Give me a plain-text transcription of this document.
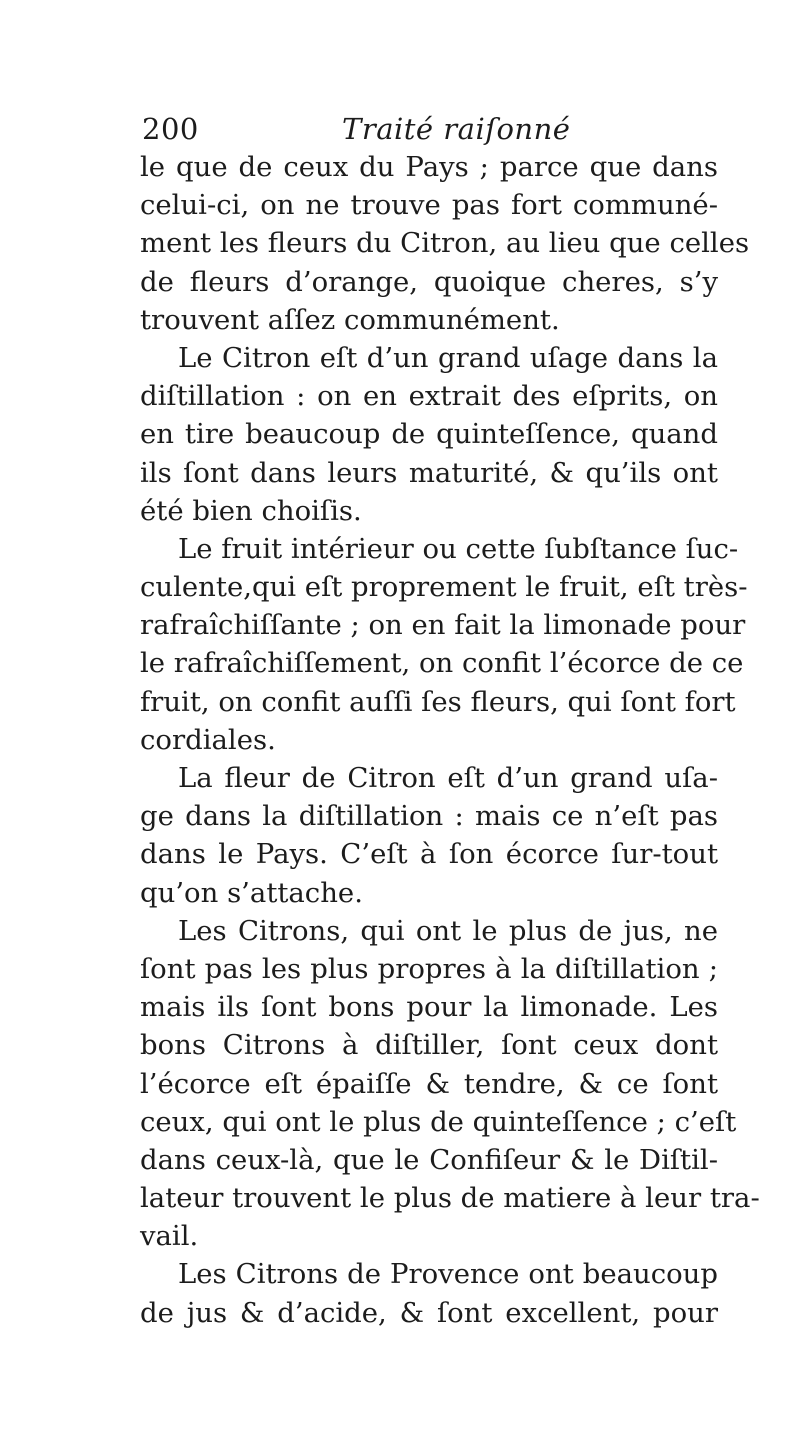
200	Traité raiſonné
le que de ceux du Pays ; parce que dans
celui-ci, on ne trouve pas fort communé-
ment les fleurs du Citron, au lieu que celles
de fleurs d’orange, quoique cheres, s’y
trouvent aſſez communément.
Le Citron eſt d’un grand uſage dans la
diſtillation : on en extrait des eſprits, on
en tire beaucoup de quinteſſence, quand
ils ſont dans leurs maturité, & qu’ils ont
été bien choiſis.
Le fruit intérieur ou cette ſubſtance ſuc-
culente,qui eſt proprement le fruit, eſt très-
rafraîchiſſante ; on en fait la limonade pour
le rafraîchiſſement, on confit l’écorce de ce
fruit, on confit auſſi ſes fleurs, qui ſont fort
cordiales.
La fleur de Citron eſt d’un grand uſa-
ge dans la diſtillation : mais ce n’eſt pas
dans le Pays. C’eſt à ſon écorce ſur-tout
qu’on s’attache.
Les Citrons, qui ont le plus de jus, ne
ſont pas les plus propres à la diſtillation ;
mais ils ſont bons pour la limonade. Les
bons Citrons à diſtiller, ſont ceux dont
l’écorce eſt épaiſſe & tendre, & ce ſont
ceux, qui ont le plus de quinteſſence ; c’eſt
dans ceux-là, que le Confiſeur & le Diſtil-
lateur trouvent le plus de matiere à leur tra-
vail.
Les Citrons de Provence ont beaucoup
de jus & d’acide, & ſont excellent, pour
